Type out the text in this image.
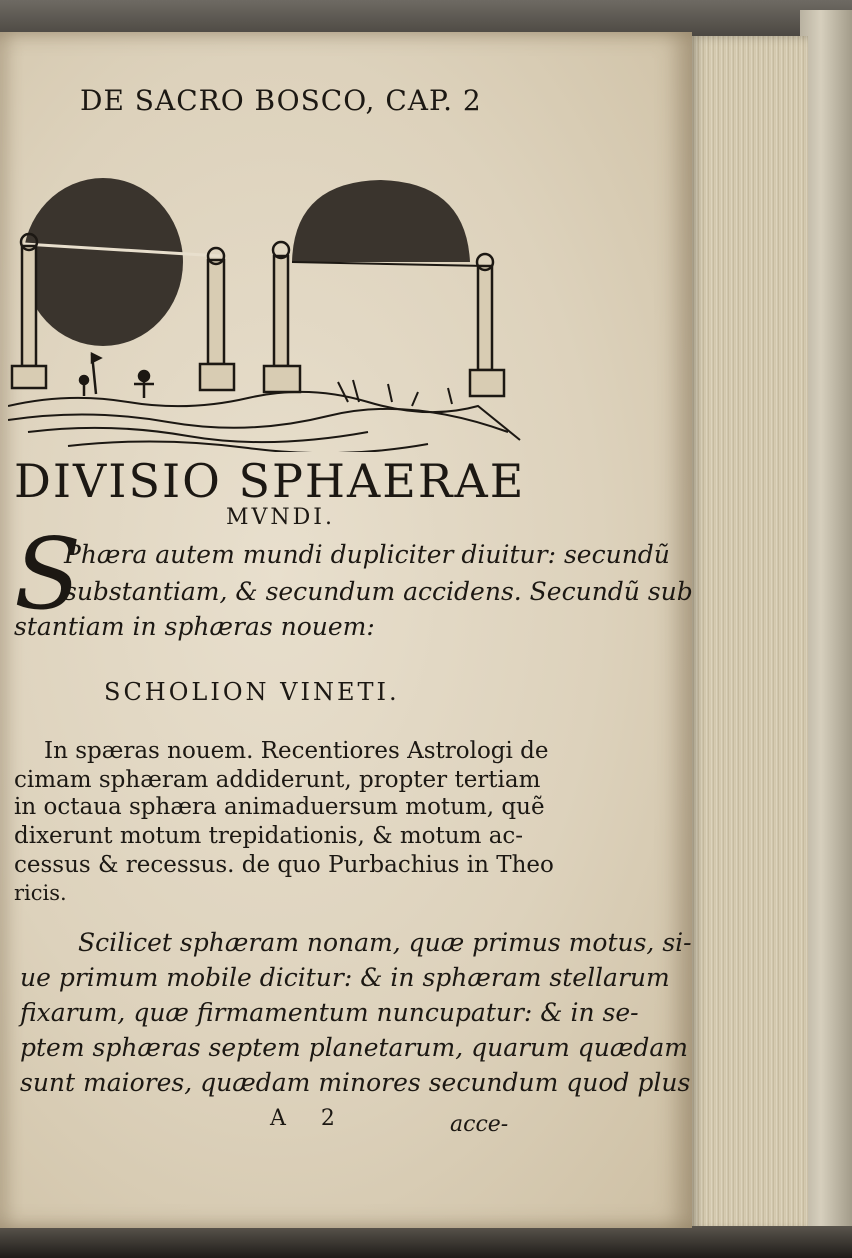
DE SACRO BOSCO, CAP. 2

DIVISIO SPHAERAE

MVNDI.

S

Phæra autem mundi dupliciter diuitur: secundũ

substantiam, & secundum accidens. Secundũ sub

stantiam in sphæras nouem:

SCHOLION VINETI.

In spæras nouem. Recentiores Astrologi de

cimam sphæram addiderunt, propter tertiam

in octaua sphæra animaduersum motum, quẽ

dixerunt motum trepidationis, & motum ac-

cessus & recessus. de quo Purbachius in Theo

ricis.

Scilicet sphæram nonam, quæ primus motus, si-

ue primum mobile dicitur: & in sphæram stellarum

fixarum, quæ firmamentum nuncupatur: & in se-

ptem sphæras septem planetarum, quarum quædam

sunt maiores, quædam minores secundum quod plus

A 2	acce-
